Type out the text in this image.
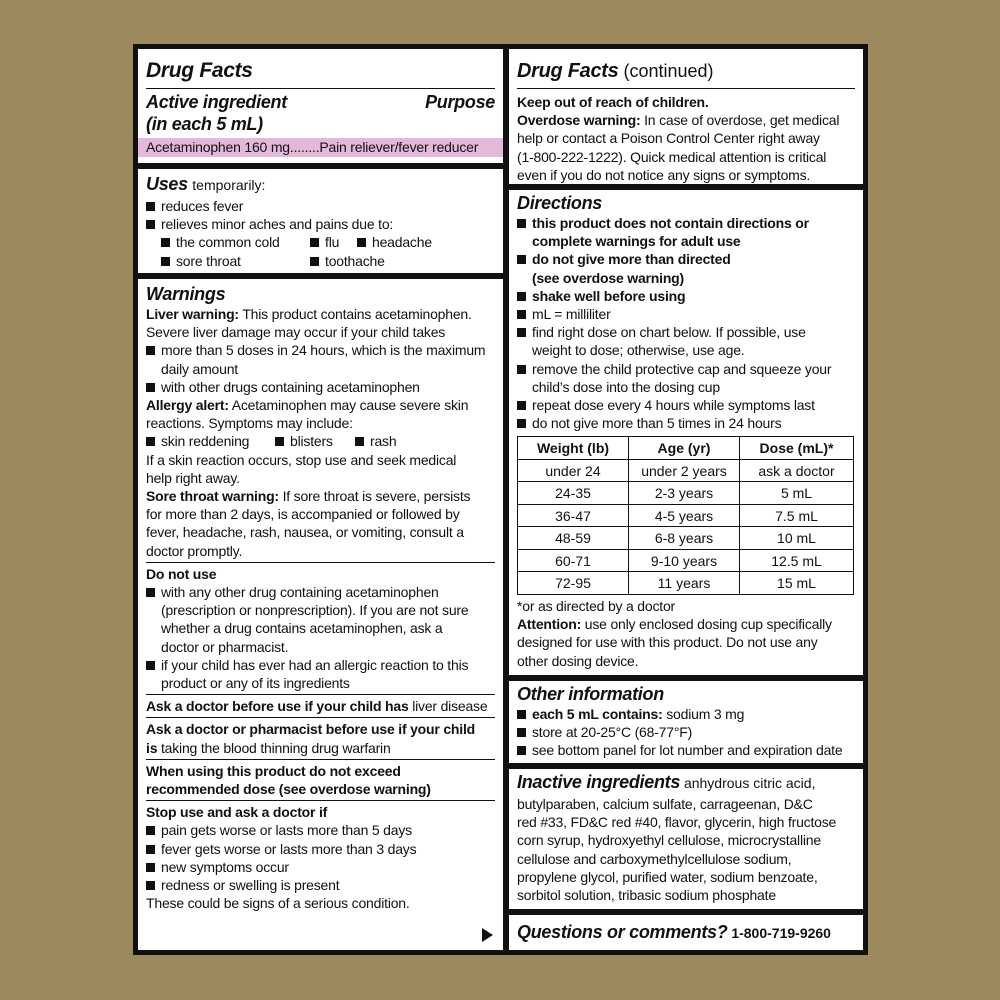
Drug Facts
Active ingredient
(in each 5 mL)
Purpose
Acetaminophen 160 mg........Pain reliever/fever reducer
Uses temporarily:
reduces fever
relieves minor aches and pains due to:
the common cold	flu	headache
sore throat	toothache
Warnings
Liver warning: This product contains acetaminophen.
Severe liver damage may occur if your child takes
more than 5 doses in 24 hours, which is the maximum
daily amount
with other drugs containing acetaminophen
Allergy alert: Acetaminophen may cause severe skin
reactions. Symptoms may include:
skin reddening	blisters	rash
If a skin reaction occurs, stop use and seek medical
help right away.
Sore throat warning: If sore throat is severe, persists
for more than 2 days, is accompanied or followed by
fever, headache, rash, nausea, or vomiting, consult a
doctor promptly.
Do not use
with any other drug containing acetaminophen
(prescription or nonprescription). If you are not sure
whether a drug contains acetaminophen, ask a
doctor or pharmacist.
if your child has ever had an allergic reaction to this
product or any of its ingredients
Ask a doctor before use if your child has liver disease
Ask a doctor or pharmacist before use if your child
is taking the blood thinning drug warfarin
When using this product do not exceed
recommended dose (see overdose warning)
Stop use and ask a doctor if
pain gets worse or lasts more than 5 days
fever gets worse or lasts more than 3 days
new symptoms occur
redness or swelling is present
These could be signs of a serious condition.
Drug Facts (continued)
Keep out of reach of children.
Overdose warning: In case of overdose, get medical
help or contact a Poison Control Center right away
(1-800-222-1222). Quick medical attention is critical
even if you do not notice any signs or symptoms.
Directions
this product does not contain directions or
complete warnings for adult use
do not give more than directed
(see overdose warning)
shake well before using
mL = milliliter
find right dose on chart below. If possible, use
weight to dose; otherwise, use age.
remove the child protective cap and squeeze your
child’s dose into the dosing cup
repeat dose every 4 hours while symptoms last
do not give more than 5 times in 24 hours
Weight (lb)	Age (yr)	Dose (mL)*
under 24	under 2 years	ask a doctor
24-35	2-3 years	5 mL
36-47	4-5 years	7.5 mL
48-59	6-8 years	10 mL
60-71	9-10 years	12.5 mL
72-95	11 years	15 mL
*or as directed by a doctor
Attention: use only enclosed dosing cup specifically
designed for use with this product. Do not use any
other dosing device.
Other information
each 5 mL contains: sodium 3 mg
store at 20-25°C (68-77°F)
see bottom panel for lot number and expiration date
Inactive ingredients anhydrous citric acid,
butylparaben, calcium sulfate, carrageenan, D&C
red #33, FD&C red #40, flavor, glycerin, high fructose
corn syrup, hydroxyethyl cellulose, microcrystalline
cellulose and carboxymethylcellulose sodium,
propylene glycol, purified water, sodium benzoate,
sorbitol solution, tribasic sodium phosphate
Questions or comments? 1-800-719-9260
